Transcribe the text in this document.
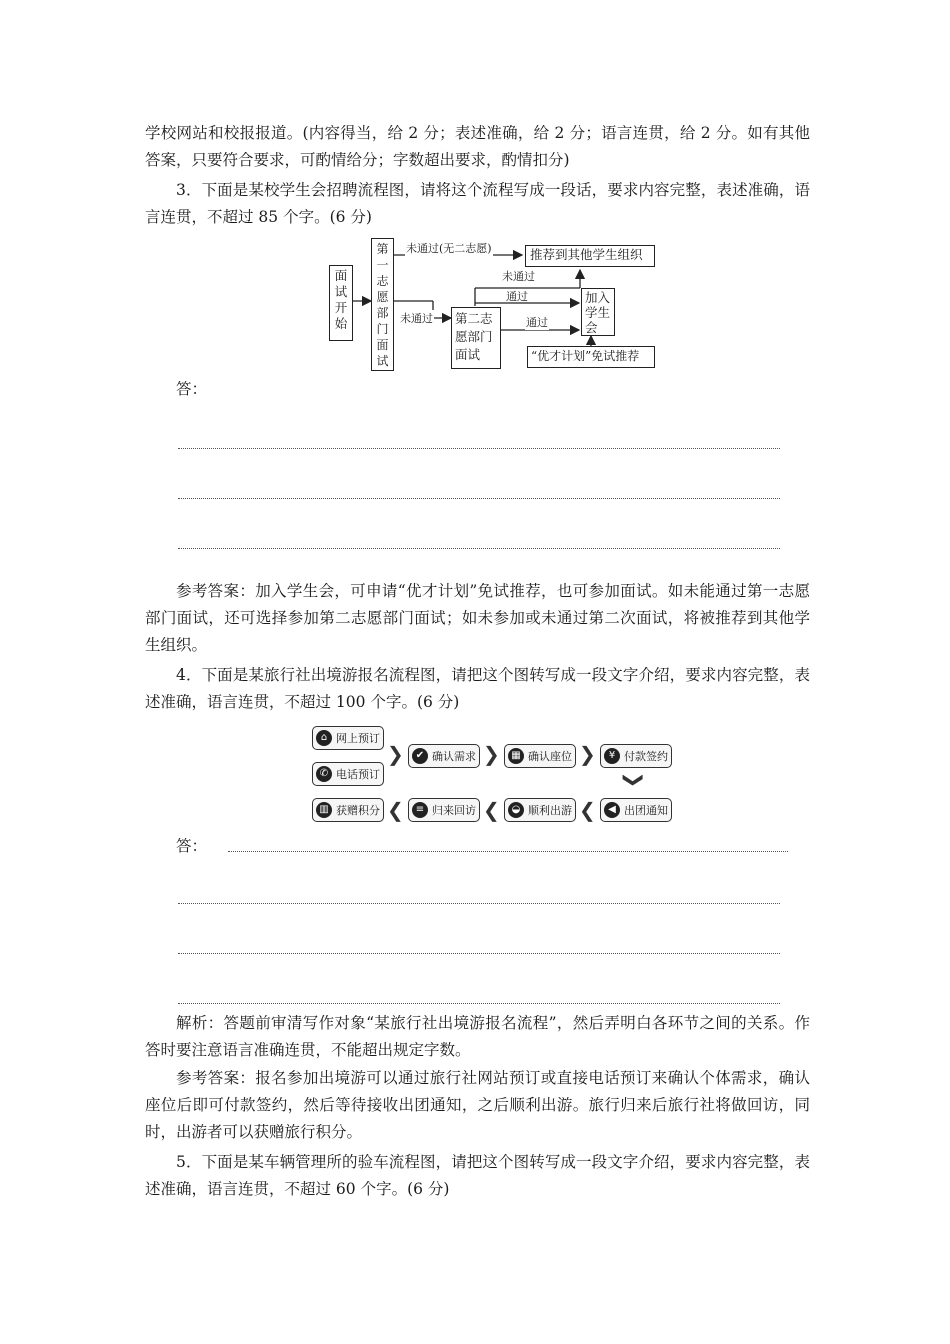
学校网站和校报报道。(内容得当，给 2 分；表述准确，给 2 分；语言连贯，给 2 分。如有其他答案，只要符合要求，可酌情给分；字数超出要求，酌情扣分)

3．下面是某校学生会招聘流程图，请将这个流程写成一段话，要求内容完整，表述准确，语言连贯，不超过 85 个字。(6 分)

面
试
开
始
第
一
志
愿
部
门
面
试
第二志
愿部门
面试
推荐到其他学生组织
加入
学生
会
“优才计划”免试推荐
未通过(无二志愿)
未通过
未通过
通过
通过
答：

参考答案：加入学生会，可申请“优才计划”免试推荐，也可参加面试。如未能通过第一志愿部门面试，还可选择参加第二志愿部门面试；如未参加或未通过第二次面试，将被推荐到其他学生组织。

4．下面是某旅行社出境游报名流程图，请把这个图转写成一段文字介绍，要求内容完整，表述准确，语言连贯，不超过 100 个字。(6 分)

⌂ 网上预订
✆ 电话预订
❯	✔ 确认需求 ❯	▦ 确认座位 ❯	¥ 付款签约
❯
◀ 出团通知
❮
◒ 顺利出游
❮
≡ 归来回访
❮
▥ 获赠积分
答：

解析：答题前审清写作对象“某旅行社出境游报名流程”，然后弄明白各环节之间的关系。作答时要注意语言准确连贯，不能超出规定字数。

参考答案：报名参加出境游可以通过旅行社网站预订或直接电话预订来确认个体需求，确认座位后即可付款签约，然后等待接收出团通知，之后顺利出游。旅行归来后旅行社将做回访，同时，出游者可以获赠旅行积分。

5．下面是某车辆管理所的验车流程图，请把这个图转写成一段文字介绍，要求内容完整，表述准确，语言连贯，不超过 60 个字。(6 分)
